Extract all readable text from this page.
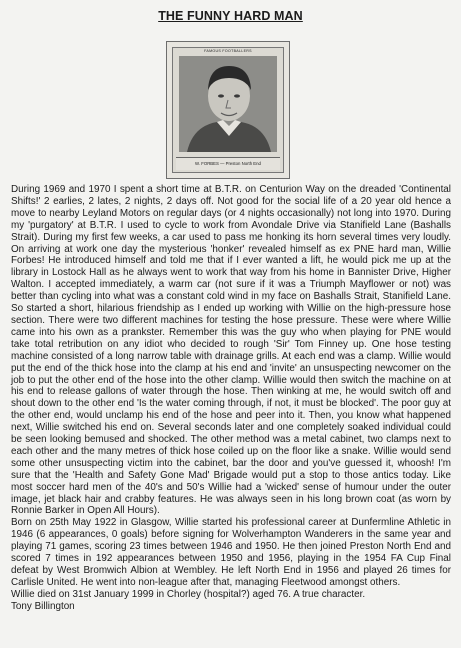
THE FUNNY HARD MAN
FAMOUS FOOTBALLERS
W. FORBES — Preston North End

During 1969 and 1970 I spent a short time at B.T.R. on Centurion Way on the dreaded 'Continental Shifts!' 2 earlies, 2 lates, 2 nights, 2 days off. Not good for the social life of a 20 year old hence a move to nearby Leyland Motors on regular days (or 4 nights occasionally) not long into 1970. During my 'purgatory' at B.T.R. I used to cycle to work from Avondale Drive via Stanifield Lane (Bashalls Strait). During my first few weeks, a car used to pass me honking its horn several times very loudly. On arriving at work one day the mysterious 'honker' revealed himself as ex PNE hard man, Willie Forbes! He introduced himself and told me that if I ever wanted a lift, he would pick me up at the library in Lostock Hall as he always went to work that way from his home in Bannister Drive, Higher Walton. I accepted immediately, a warm car (not sure if it was a Triumph Mayflower or not) was better than cycling into what was a constant cold wind in my face on Bashalls Strait, Stanifield Lane. So started a short, hilarious friendship as I ended up working with Willie on the high-pressure hose section. There were two different machines for testing the hose pressure. These were where Willie came into his own as a prankster. Remember this was the guy who when playing for PNE would take total retribution on any idiot who decided to rough 'Sir' Tom Finney up. One hose testing machine consisted of a long narrow table with drainage grills. At each end was a clamp. Willie would put the end of the thick hose into the clamp at his end and 'invite' an unsuspecting newcomer on the job to put the other end of the hose into the other clamp. Willie would then switch the machine on at his end to release gallons of water through the hose. Then winking at me, he would switch off and shout down to the other end 'Is the water coming through, if not, it must be blocked'. The poor guy at the other end, would unclamp his end of the hose and peer into it. Then, you know what happened next, Willie switched his end on. Several seconds later and one completely soaked individual could be seen looking bemused and shocked. The other method was a metal cabinet, two clamps next to each other and the many metres of thick hose coiled up on the floor like a snake. Willie would send some other unsuspecting victim into the cabinet, bar the door and you've guessed it, whoosh! I'm sure that the 'Health and Safety Gone Mad' Brigade would put a stop to those antics today. Like most soccer hard men of the 40's and 50's Willie had a 'wicked' sense of humour under the outer image, jet black hair and crabby features. He was always seen in his long brown coat (as worn by Ronnie Barker in Open All Hours).

Born on 25th May 1922 in Glasgow, Willie started his professional career at Dunfermline Athletic in 1946 (6 appearances, 0 goals) before signing for Wolverhampton Wanderers in the same year and playing 71 games, scoring 23 times between 1946 and 1950. He then joined Preston North End and scored 7 times in 192 appearances between 1950 and 1956, playing in the 1954 FA Cup Final defeat by West Bromwich Albion at Wembley. He left North End in 1956 and played 26 times for Carlisle United. He went into non-league after that, managing Fleetwood amongst others.

Willie died on 31st January 1999 in Chorley (hospital?) aged 76. A true character.

Tony Billington
